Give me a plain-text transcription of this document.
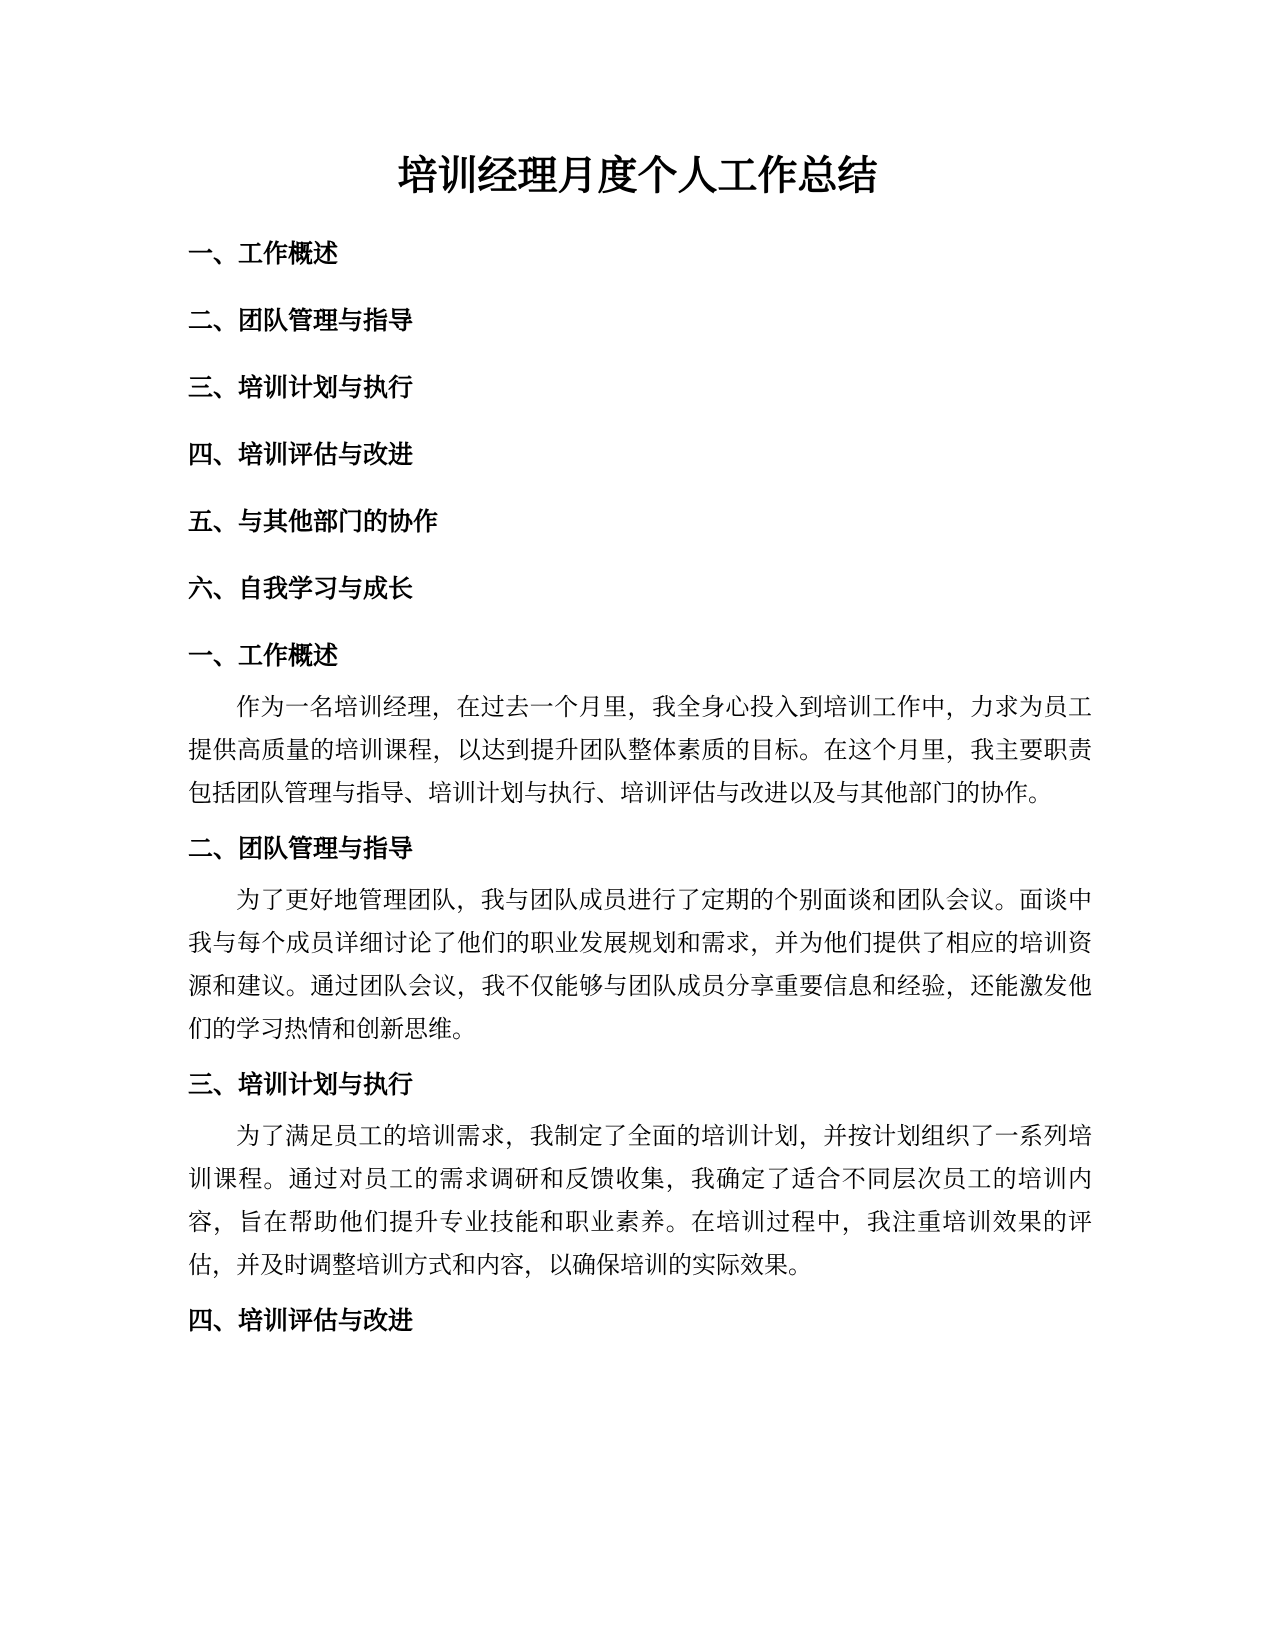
培训经理月度个人工作总结

一、工作概述

二、团队管理与指导

三、培训计划与执行

四、培训评估与改进

五、与其他部门的协作

六、自我学习与成长

一、工作概述

作为一名培训经理，在过去一个月里，我全身心投入到培训工作中，力求为员工提供高质量的培训课程，以达到提升团队整体素质的目标。在这个月里，我主要职责包括团队管理与指导、培训计划与执行、培训评估与改进以及与其他部门的协作。

二、团队管理与指导

为了更好地管理团队，我与团队成员进行了定期的个别面谈和团队会议。面谈中我与每个成员详细讨论了他们的职业发展规划和需求，并为他们提供了相应的培训资源和建议。通过团队会议，我不仅能够与团队成员分享重要信息和经验，还能激发他们的学习热情和创新思维。

三、培训计划与执行

为了满足员工的培训需求，我制定了全面的培训计划，并按计划组织了一系列培训课程。通过对员工的需求调研和反馈收集，我确定了适合不同层次员工的培训内容，旨在帮助他们提升专业技能和职业素养。在培训过程中，我注重培训效果的评估，并及时调整培训方式和内容，以确保培训的实际效果。

四、培训评估与改进
